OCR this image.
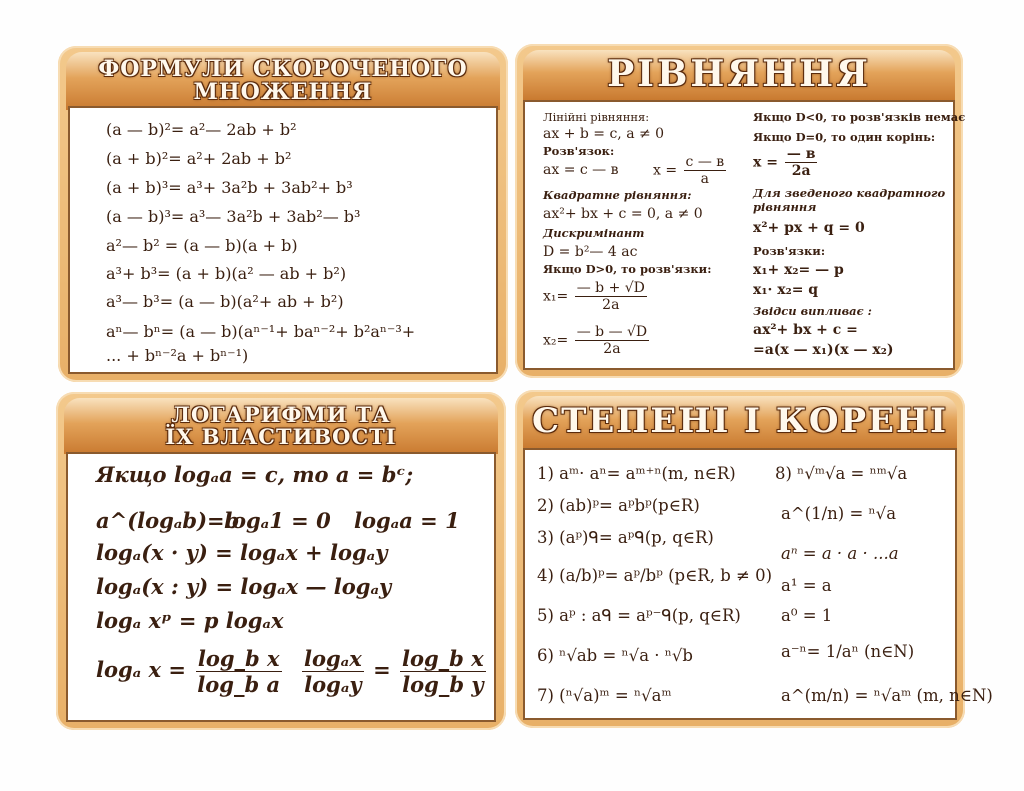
ФОРМУЛИ СКОРОЧЕНОГО
МНОЖЕННЯ
(a — b)²= a²— 2ab + b²
(a + b)²= a²+ 2ab + b²
(a + b)³= a³+ 3a²b + 3ab²+ b³
(a — b)³= a³— 3a²b + 3ab²— b³
a²— b² = (a — b)(a + b)
a³+ b³= (a + b)(a² — ab + b²)
a³— b³= (a — b)(a²+ ab + b²)
aⁿ— bⁿ= (a — b)(aⁿ⁻¹+ baⁿ⁻²+ b²aⁿ⁻³+
... + bⁿ⁻²a + bⁿ⁻¹)
РІВНЯННЯ
Лінійні рівняння:
ax + b = c, a ≠ 0
Розв'язок:
ax = c — в $x = \frac{c — в}{a}$
Квадратне рівняння:
ax²+ bx + c = 0, a ≠ 0
Дискримінант
D = b²— 4 ac
Якщо D>0, то розв'язки:
$x_1= \frac{— b + √D}{2a}$
$x_2= \frac{— b — √D}{2a}$
Якщо D<0, то розв'язків немає
Якщо D=0, то один корінь:
$x = \frac{— в}{2a}$
Для зведеного квадратного
рівняння
x²+ px + q = 0
Розв'язки:
x₁+ x₂= — p
x₁· x₂= q
Звідси випливає :
ax²+ bx + c =
=a(x — x₁)(x — x₂)
ЛОГАРИФМИ ТА
ЇХ ВЛАСТИВОСТІ
Якщо logₐa = c, то a = bᶜ;
a^(logₐb)=b
logₐ1 = 0 logₐa = 1
logₐ(x · y) = logₐx + logₐy
logₐ(x : y) = logₐx — logₐy
logₐ xᵖ = p logₐx
logₐ $x = \frac{\text{log\_b x}}{\text{log\_b a}} \frac{\text{logₐx}}{\text{logₐy}} = \frac{\text{log\_b x}}{\text{log\_b y}}$
СТЕПЕНІ І КОРЕНІ
1) aᵐ· aⁿ= aᵐ⁺ⁿ(m, n∈R)
2) (ab)ᵖ= aᵖbᵖ(p∈R)
3) (aᵖ)ᑫ= aᵖᑫ(p, q∈R)
4) (a/b)ᵖ= aᵖ/bᵖ (p∈R, b ≠ 0)
5) aᵖ : aᑫ = aᵖ⁻ᑫ(p, q∈R)
6) ⁿ√ab = ⁿ√a · ⁿ√b
7) (ⁿ√a)ᵐ = ⁿ√aᵐ
8) ⁿ√ᵐ√a = ⁿᵐ√a
a^(1/n) = ⁿ√a
aⁿ = a · a · ...a
a¹ = a
a⁰ = 1
a⁻ⁿ= 1/aⁿ (n∈N)
a^(m/n) = ⁿ√aᵐ (m, n∈N)
